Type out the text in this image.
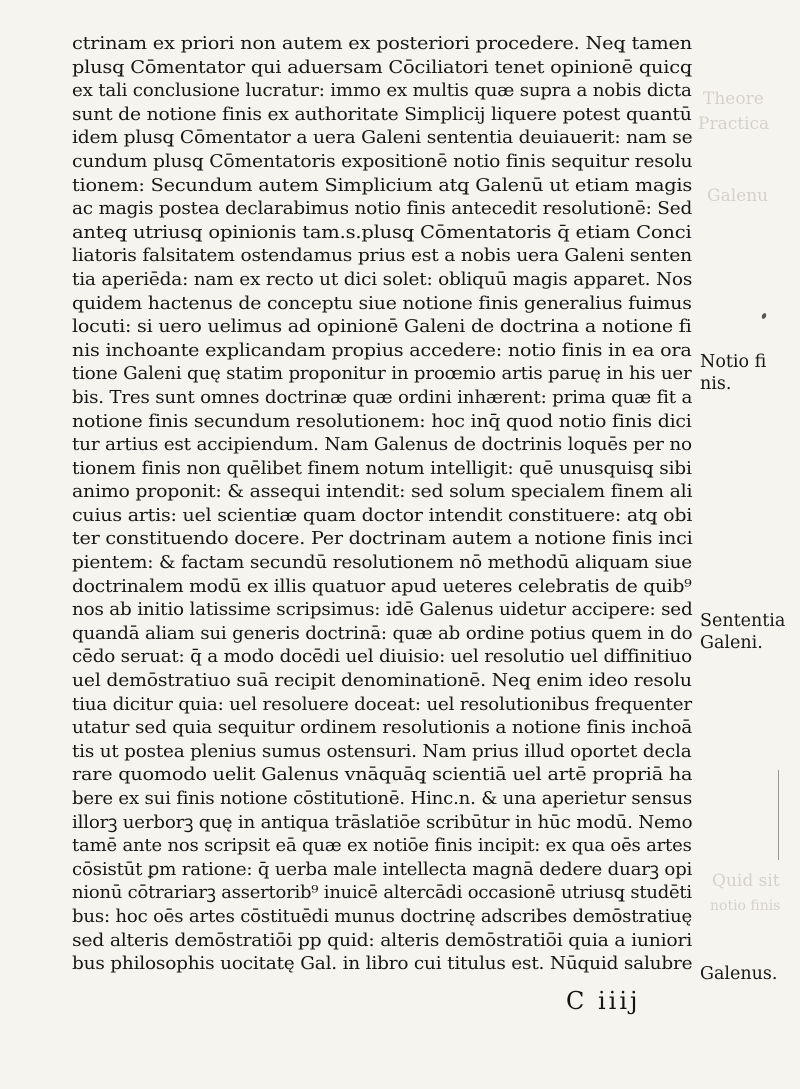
Theore
Practica
Galenu
Quid sit
notio finis
ctrinam ex priori non autem ex posteriori procedere. Neq̧ tamen
plusq̧ Cōmentator qui aduersam Cōciliatori tenet opinionē quicq̧
ex tali conclusione lucratur: immo ex multis quæ supra a nobis dicta
sunt de notione finis ex authoritate Simplicij liquere potest quantū
idem plusq̧ Cōmentator a uera Galeni sententia deuiauerit: nam se
cundum plusq̧ Cōmentatoris expositionē notio finis sequitur resolu
tionem: Secundum autem Simplicium atq̧ Galenū ut etiam magis
ac magis postea declarabimus notio finis antecedit resolutionē: Sed
anteq̧ utriusq̧ opinionis tam.s.plusq̧ Cōmentatoris q̄ etiam Conci
liatoris falsitatem ostendamus prius est a nobis uera Galeni senten
tia aperiēda: nam ex recto ut dici solet: obliquū magis apparet. Nos
quidem hactenus de conceptu siue notione finis generalius fuimus
locuti: si uero uelimus ad opinionē Galeni de doctrina a notione fi
nis inchoante explicandam propius accedere: notio finis in ea ora
tione Galeni quę statim proponitur in proœmio artis paruę in his uer
bis. Tres sunt omnes doctrinæ quæ ordini inhærent: prima quæ fit a
notione finis secundum resolutionem: hoc inq̄ quod notio finis dici
tur artius est accipiendum. Nam Galenus de doctrinis loquēs per no
tionem finis non quēlibet finem notum intelligit: quē unusquisq̧ sibi
animo proponit: & assequi intendit: sed solum specialem finem ali
cuius artis: uel scientiæ quam doctor intendit constituere: atq̧ obi
ter constituendo docere. Per doctrinam autem a notione finis inci
pientem: & factam secundū resolutionem nō methodū aliquam siue
doctrinalem modū ex illis quatuor apud ueteres celebratis de quib⁹
nos ab initio latissime scripsimus: idē Galenus uidetur accipere: sed
quandā aliam sui generis doctrinā: quæ ab ordine potius quem in do
cēdo seruat: q̄ a modo docēdi uel diuisio: uel resolutio uel diffinitiuo
uel demōstratiuo suā recipit denominationē. Neq̧ enim ideo resolu
tiua dicitur quia: uel resoluere doceat: uel resolutionibus frequenter
utatur sed quia sequitur ordinem resolutionis a notione finis inchoā
tis ut postea plenius sumus ostensuri. Nam prius illud oportet decla
rare quomodo uelit Galenus vnāquāq̧ scientiā uel artē propriā ha
bere ex sui finis notione cōstitutionē. Hinc.n. & una aperietur sensus
illorꝫ uerborꝫ quę in antiqua trāslatiōe scribūtur in hūc modū. Nemo
tamē ante nos scripsit eā quæ ex notiōe finis incipit: ex qua oēs artes
cōsistūt ꝑm ratione: q̄ uerba male intellecta magnā dedere duarꝫ opi
nionū cōtrariarꝫ assertorib⁹ inuicē altercādi occasionē utriusq̧ studēti
bus: hoc oēs artes cōstituēdi munus doctrinę adscribes demōstratiuę
sed alteris demōstratiōi pp quid: alteris demōstratiōi quia a iuniori
bus philosophis uocitatę Gal. in libro cui titulus est. Nūquid salubre
Notio fi
nis.
Sententia
Galeni.
Galenus.
C iiij
